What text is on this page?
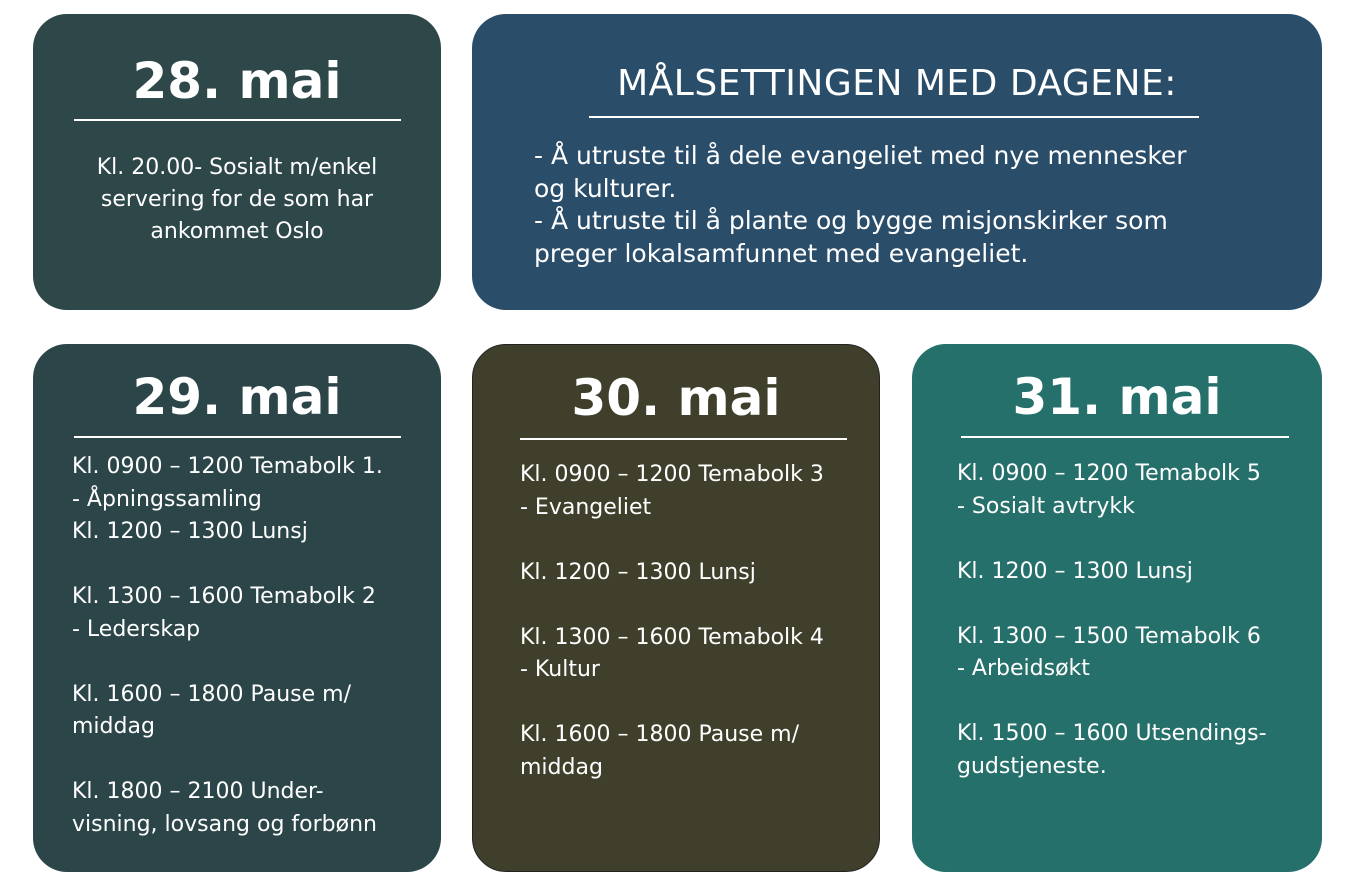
28. mai
Kl. 20.00- Sosialt m/enkel servering for de som har ankommet Oslo
MÅLSETTINGEN MED DAGENE:
- Å utruste til å dele evangeliet med nye mennesker
og kulturer.
- Å utruste til å plante og bygge misjonskirker som
preger lokalsamfunnet med evangeliet.
29. mai
Kl. 0900 – 1200 Temabolk 1.
- Åpningssamling
Kl. 1200 – 1300 Lunsj
Kl. 1300 – 1600 Temabolk 2
- Lederskap
Kl. 1600 – 1800 Pause m/
middag
Kl. 1800 – 2100 Under-
visning, lovsang og forbønn
30. mai
Kl. 0900 – 1200 Temabolk 3
- Evangeliet
Kl. 1200 – 1300 Lunsj
Kl. 1300 – 1600 Temabolk 4
- Kultur
Kl. 1600 – 1800 Pause m/
middag
31. mai
Kl. 0900 – 1200 Temabolk 5
- Sosialt avtrykk
Kl. 1200 – 1300 Lunsj
Kl. 1300 – 1500 Temabolk 6
- Arbeidsøkt
Kl. 1500 – 1600 Utsendings-
gudstjeneste.
